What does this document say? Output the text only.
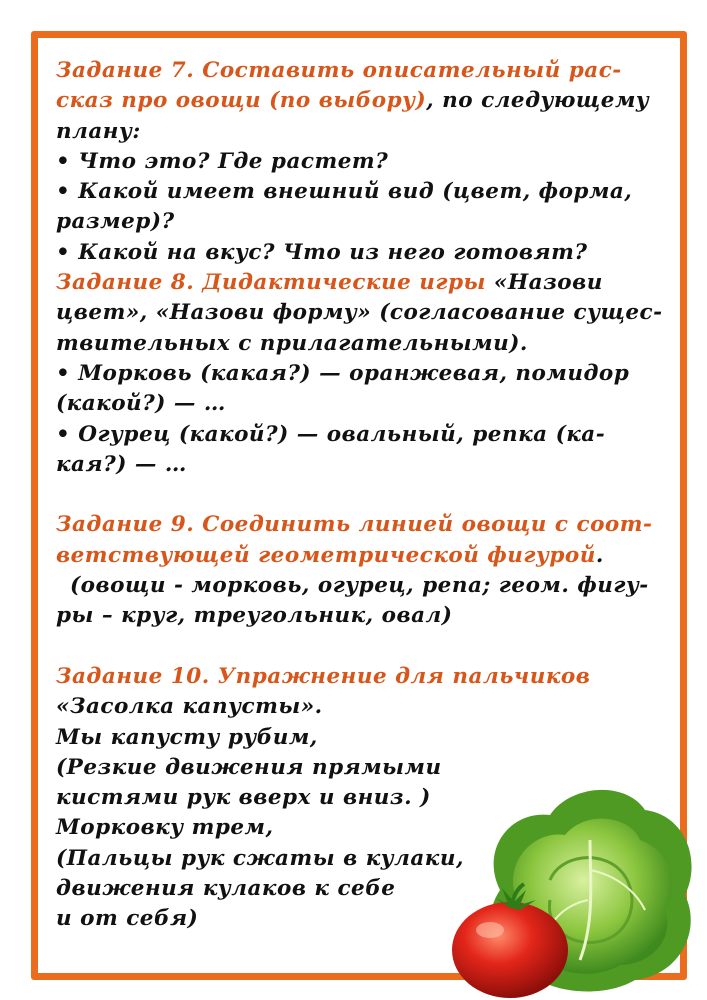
Задание 7. Составить описательный рас-
сказ про овощи (по выбору), по следующему
плану:
• Что это? Где растет?
• Какой имеет внешний вид (цвет, форма,
размер)?
• Какой на вкус? Что из него готовят?
Задание 8. Дидактические игры «Назови
цвет», «Назови форму» (согласование сущес-
твительных с прилагательными).
• Морковь (какая?) — оранжевая, помидор
(какой?) — …
• Огурец (какой?) — овальный, репка (ка-
кая?) — …
Задание 9. Соединить линией овощи с соот-
ветствующей геометрической фигурой.
(овощи - морковь, огурец, репа; геом. фигу-
ры – круг, треугольник, овал)
Задание 10. Упражнение для пальчиков
«Засолка капусты».
Мы капусту рубим,
(Резкие движения прямыми
кистями рук вверх и вниз. )
Морковку трем,
(Пальцы рук сжаты в кулаки,
движения кулаков к себе
и от себя)
